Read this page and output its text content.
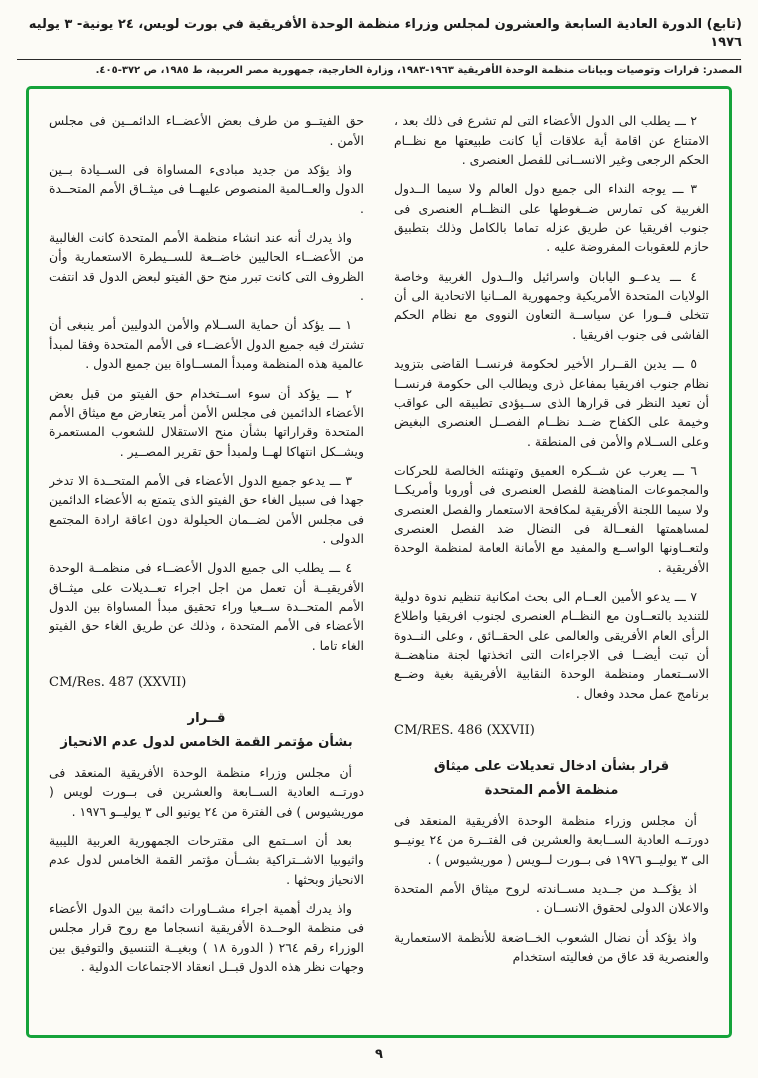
(تابع) الدورة العادية السابعة والعشرون لمجلس وزراء منظمة الوحدة الأفريقية في بورت لويس، ٢٤ يونية- ٣ يوليه ١٩٧٦
المصدر: قرارات وتوصيات وبيانات منظمة الوحدة الأفريقية ١٩٦٣-١٩٨٣، وزارة الخارجية، جمهورية مصر العربية، ط ١٩٨٥، ص ٣٧٢-٤٠٥.

٢ ـــ يطلب الى الدول الأعضاء التى لم تشرع فى ذلك بعد ، الامتناع عن اقامة أية علاقات أيا كانت طبيعتها مع نظــام الحكم الرجعى وغير الانســانى للفصل العنصرى .

٣ ـــ يوجه النداء الى جميع دول العالم ولا سيما الــدول الغربية كى تمارس ضــغوطها على النظــام العنصرى فى جنوب افريقيا عن طريق عزله تماما بالكامل وذلك بتطبيق حازم للعقوبات المفروضة عليه .

٤ ـــ يدعــو اليابان واسرائيل والــدول الغربية وخاصة الولايات المتحدة الأمريكية وجمهورية المــانيا الاتحادية الى أن تتخلى فــورا عن سياســة التعاون النووى مع نظام الحكم الفاشى فى جنوب افريقيا .

٥ ـــ يدين القــرار الأخير لحكومة فرنســا القاضى بتزويد نظام جنوب افريقيا بمفاعل ذرى ويطالب الى حكومة فرنســا أن تعيد النظر فى قرارها الذى ســيؤدى تطبيقه الى عواقب وخيمة على الكفاح ضــد نظــام الفصــل العنصرى البغيض وعلى الســلام والأمن فى المنطقة .

٦ ـــ يعرب عن شــكره العميق وتهنئته الخالصة للحركات والمجموعات المناهضة للفصل العنصرى فى أوروبا وأمريكــا ولا سيما اللجنة الأفريقية لمكافحة الاستعمار والفصل العنصرى لمساهمتها الفعــالة فى النضال ضد الفصل العنصرى ولتعــاونها الواســع والمفيد مع الأمانة العامة لمنظمة الوحدة الأفريقية .

٧ ـــ يدعو الأمين العــام الى بحث امكانية تنظيم ندوة دولية للتنديد بالتعــاون مع النظــام العنصرى لجنوب افريقيا واطلاع الرأى العام الأفريقى والعالمى على الحقــائق ، وعلى النــدوة أن تبت أيضــا فى الاجراءات التى اتخذتها لجنة مناهضــة الاســتعمار ومنظمة الوحدة النقابية الأفريقية بغية وضــع برنامج عمل محدد وفعال .

CM/RES. 486 (XXVII)
قرار بشأن ادخال تعديلات على ميثاق
منظمة الأمم المتحدة

أن مجلس وزراء منظمة الوحدة الأفريقية المنعقد فى دورتــه العادية الســابعة والعشرين فى الفتــرة من ٢٤ يونيــو الى ٣ يوليــو ١٩٧٦ فى بــورت لــويس ( موريشيوس ) .

اذ يؤكــد من جــديد مســاندته لروح ميثاق الأمم المتحدة والاعلان الدولى لحقوق الانســان .

واذ يؤكد أن نضال الشعوب الخــاضعة للأنظمة الاستعمارية والعنصرية قد عاق من فعاليته استخدام

حق الفيتــو من طرف بعض الأعضــاء الدائمــين فى مجلس الأمن .

واذ يؤكد من جديد مبادىء المساواة فى الســيادة بــين الدول والعــالمية المنصوص عليهــا فى ميثــاق الأمم المتحــدة .

واذ يدرك أنه عند انشاء منظمة الأمم المتحدة كانت الغالبية من الأعضــاء الحاليين خاضــعة للســيطرة الاستعمارية وأن الظروف التى كانت تبرر منح حق الفيتو لبعض الدول قد انتفت .

١ ـــ يؤكد أن حماية الســلام والأمن الدوليين أمر ينبغى أن تشترك فيه جميع الدول الأعضــاء فى الأمم المتحدة وفقا لمبدأ عالمية هذه المنظمة ومبدأ المســاواة بين جميع الدول .

٢ ـــ يؤكد أن سوء اســتخدام حق الفيتو من قبل بعض الأعضاء الدائمين فى مجلس الأمن أمر يتعارض مع ميثاق الأمم المتحدة وقراراتها بشأن منح الاستقلال للشعوب المستعمرة ويشــكل انتهاكا لهــا ولمبدأ حق تقرير المصــير .

٣ ـــ يدعو جميع الدول الأعضاء فى الأمم المتحــدة الا تدخر جهدا فى سبيل الغاء حق الفيتو الذى يتمتع به الأعضاء الدائمين فى مجلس الأمن لضــمان الحيلولة دون اعاقة ارادة المجتمع الدولى .

٤ ـــ يطلب الى جميع الدول الأعضــاء فى منظمــة الوحدة الأفريقيــة أن تعمل من اجل اجراء تعــديلات على ميثــاق الأمم المتحــدة ســعيا وراء تحقيق مبدأ المساواة بين الدول الأعضاء فى الأمم المتحدة ، وذلك عن طريق الغاء حق الفيتو الغاء تاما .

CM/Res. 487 (XXVII)
قــرار
بشأن مؤتمر القمة الخامس لدول عدم الانحياز

أن مجلس وزراء منظمة الوحدة الأفريقية المنعقد فى دورتــه العادية الســابعة والعشرين فى بــورت لويس ( موريشيوس ) فى الفترة من ٢٤ يونيو الى ٣ يوليــو ١٩٧٦ .

بعد أن اســتمع الى مقترحات الجمهورية العربية الليبية واثيوبيا الاشــتراكية بشــأن مؤتمر القمة الخامس لدول عدم الانحياز وبحثها .

واذ يدرك أهمية اجراء مشــاورات دائمة بين الدول الأعضاء فى منظمة الوحــدة الأفريقية انسجاما مع روح قرار مجلس الوزراء رقم ٢٦٤ ( الدورة ١٨ ) وبغيــة التنسيق والتوفيق بين وجهات نظر هذه الدول قبــل انعقاد الاجتماعات الدولية .

٩
